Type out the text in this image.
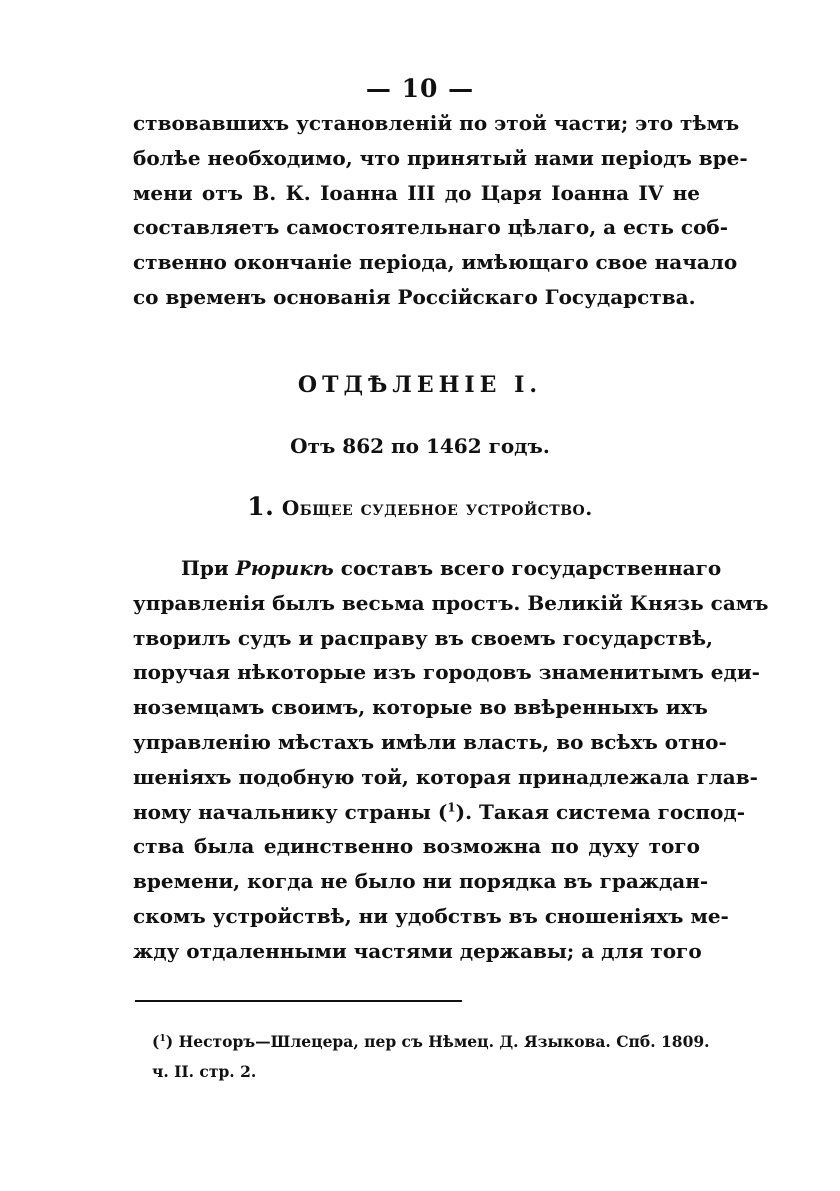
— 10 —
ствовавшихъ установленій по этой части; это тѣмъ
болѣе необходимо, что принятый нами періодъ вре-
мени отъ В. К. Іоанна III до Царя Іоанна IV не
составляетъ самостоятельнаго цѣлаго, а есть соб-
ственно окончаніе періода, имѣющаго свое начало
со временъ основанія Россійскаго Государства.
ОТДѢЛЕНІЕ I.
Отъ 862 по 1462 годъ.
1. Общее судебное устройство.
При Рюрикѣ составъ всего государственнаго
управленія былъ весьма простъ. Великій Князь самъ
творилъ судъ и расправу въ своемъ государствѣ,
поручая нѣкоторые изъ городовъ знаменитымъ еди-
ноземцамъ своимъ, которые во ввѣренныхъ ихъ
управленію мѣстахъ имѣли власть, во всѣхъ отно-
шеніяхъ подобную той, которая принадлежала глав-
ному начальнику страны ($^1$). Такая система господ-
ства была единственно возможна по духу того
времени, когда не было ни порядка въ граждан-
скомъ устройствѣ, ни удобствъ въ сношеніяхъ ме-
жду отдаленными частями державы; а для того
($^1$) Несторъ—Шлецера, пер съ Нѣмец. Д. Языкова. Спб. 1809.
ч. II. стр. 2.
